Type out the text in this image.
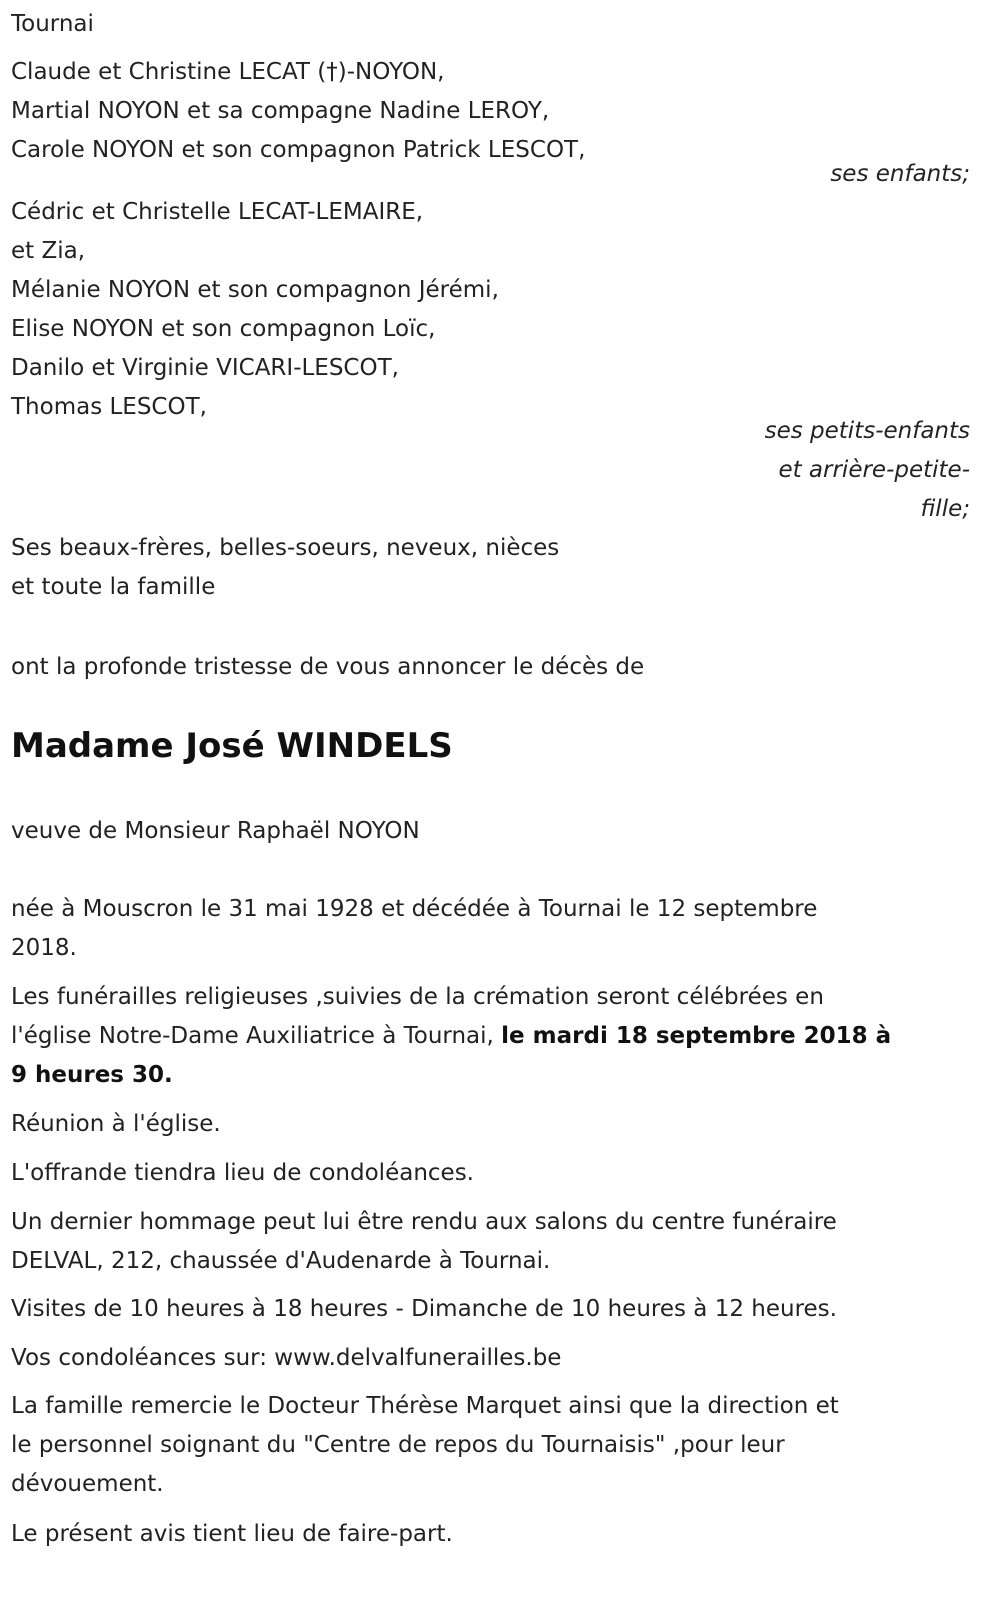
Tournai
Claude et Christine LECAT (†)-NOYON,
Martial NOYON et sa compagne Nadine LEROY,
Carole NOYON et son compagnon Patrick LESCOT,
ses enfants;
Cédric et Christelle LECAT-LEMAIRE,
et Zia,
Mélanie NOYON et son compagnon Jérémi,
Elise NOYON et son compagnon Loïc,
Danilo et Virginie VICARI-LESCOT,
Thomas LESCOT,
ses petits-enfants
et arrière-petite-
fille;
Ses beaux-frères, belles-soeurs, neveux, nièces
et toute la famille
ont la profonde tristesse de vous annoncer le décès de
Madame José WINDELS
veuve de Monsieur Raphaël NOYON
née à Mouscron le 31 mai 1928 et décédée à Tournai le 12 septembre
2018.
Les funérailles religieuses ,suivies de la crémation seront célébrées en
l'église Notre-Dame Auxiliatrice à Tournai, le mardi 18 septembre 2018 à
9 heures 30.
Réunion à l'église.
L'offrande tiendra lieu de condoléances.
Un dernier hommage peut lui être rendu aux salons du centre funéraire
DELVAL, 212, chaussée d'Audenarde à Tournai.
Visites de 10 heures à 18 heures - Dimanche de 10 heures à 12 heures.
Vos condoléances sur: www.delvalfunerailles.be
La famille remercie le Docteur Thérèse Marquet ainsi que la direction et
le personnel soignant du "Centre de repos du Tournaisis" ,pour leur
dévouement.
Le présent avis tient lieu de faire-part.
